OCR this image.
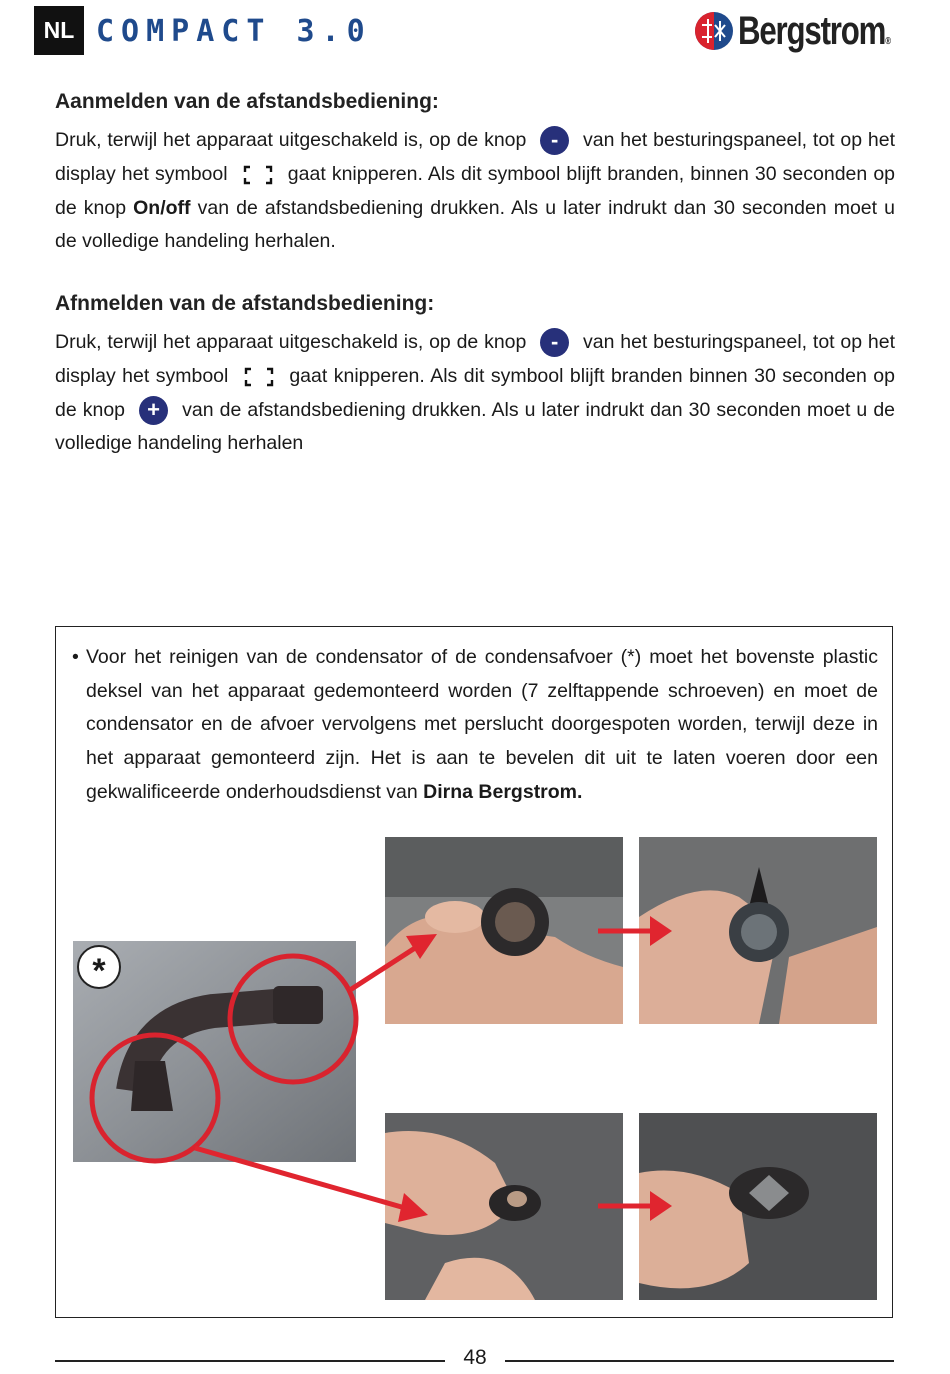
NL COMPACT 3.0	Bergstrom®
Aanmelden van de afstandsbediening:
Druk, terwijl het apparaat uitgeschakeld is, op de knop - van het besturingspaneel, tot op het display het symbool	gaat knipperen. Als dit symbool blijft branden, binnen 30 seconden op de knop On/off van de afstandsbediening drukken. Als u later indrukt dan 30 seconden moet u de volledige handeling herhalen.
Afnmelden van de afstandsbediening:
Druk, terwijl het apparaat uitgeschakeld is, op de knop - van het besturingspaneel, tot op het display het symbool	gaat knipperen. Als dit symbool blijft branden binnen 30 seconden op de knop + van de afstandsbediening drukken. Als u later indrukt dan 30 seconden moet u de volledige handeling herhalen
• Voor het reinigen van de condensator of de condensafvoer (*) moet het bovenste plastic deksel van het apparaat gedemonteerd worden (7 zelftappende schroeven) en moet de condensator en de afvoer vervolgens met perslucht doorgespoten worden, terwijl deze in het apparaat gemonteerd zijn. Het is aan te bevelen dit uit te laten voeren door een gekwalificeerde onderhoudsdienst van Dirna Bergstrom.

*
48
